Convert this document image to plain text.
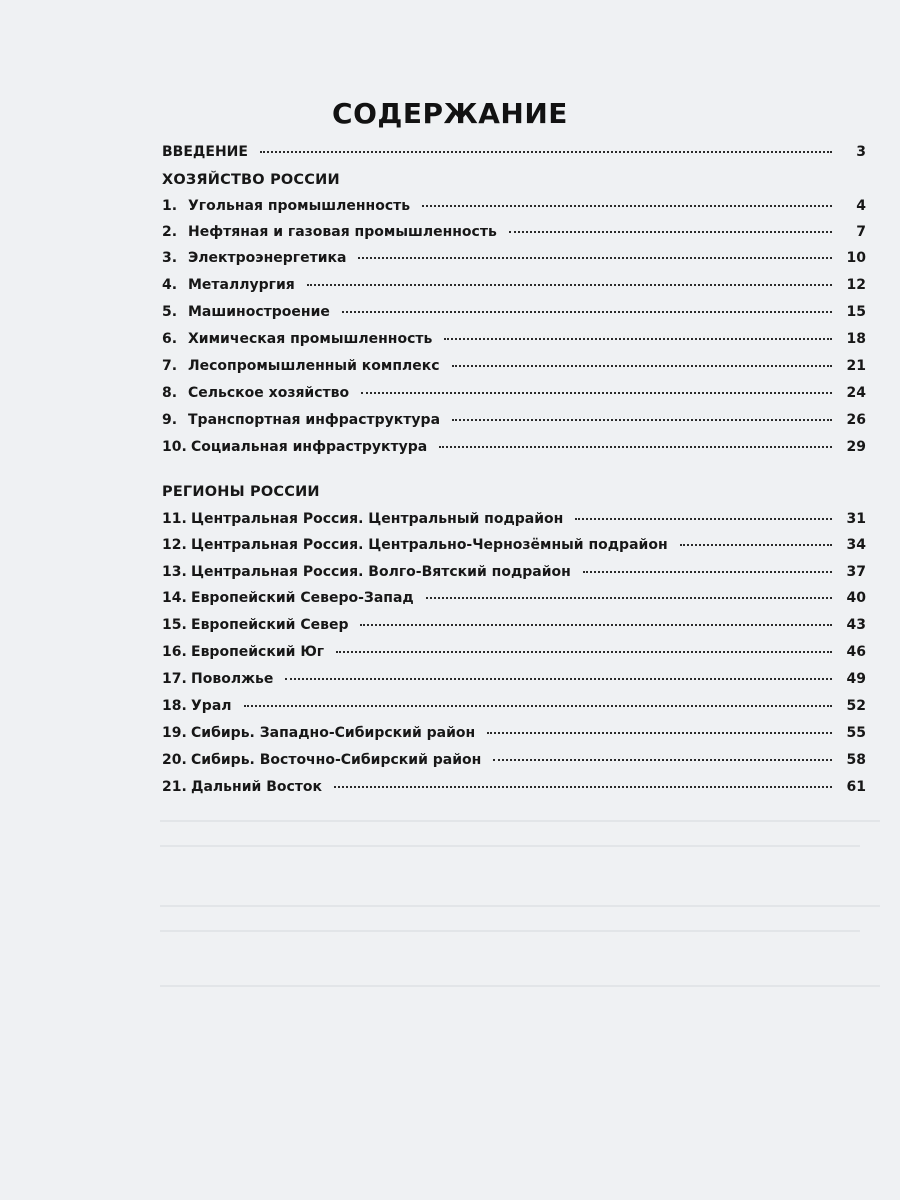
СОДЕРЖАНИЕ
ВВЕДЕНИЕ	3
ХОЗЯЙСТВО РОССИИ
1. Угольная промышленность	4
2. Нефтяная и газовая промышленность	7
3. Электроэнергетика	10
4. Металлургия	12
5. Машиностроение	15
6. Химическая промышленность	18
7. Лесопромышленный комплекс	21
8. Сельское хозяйство	24
9. Транспортная инфраструктура	26
10. Социальная инфраструктура	29
РЕГИОНЫ РОССИИ
11. Центральная Россия. Центральный подрайон	31
12. Центральная Россия. Центрально-Чернозёмный подрайон	34
13. Центральная Россия. Волго-Вятский подрайон	37
14. Европейский Северо-Запад	40
15. Европейский Север	43
16. Европейский Юг	46
17. Поволжье	49
18. Урал	52
19. Сибирь. Западно-Сибирский район	55
20. Сибирь. Восточно-Сибирский район	58
21. Дальний Восток	61
